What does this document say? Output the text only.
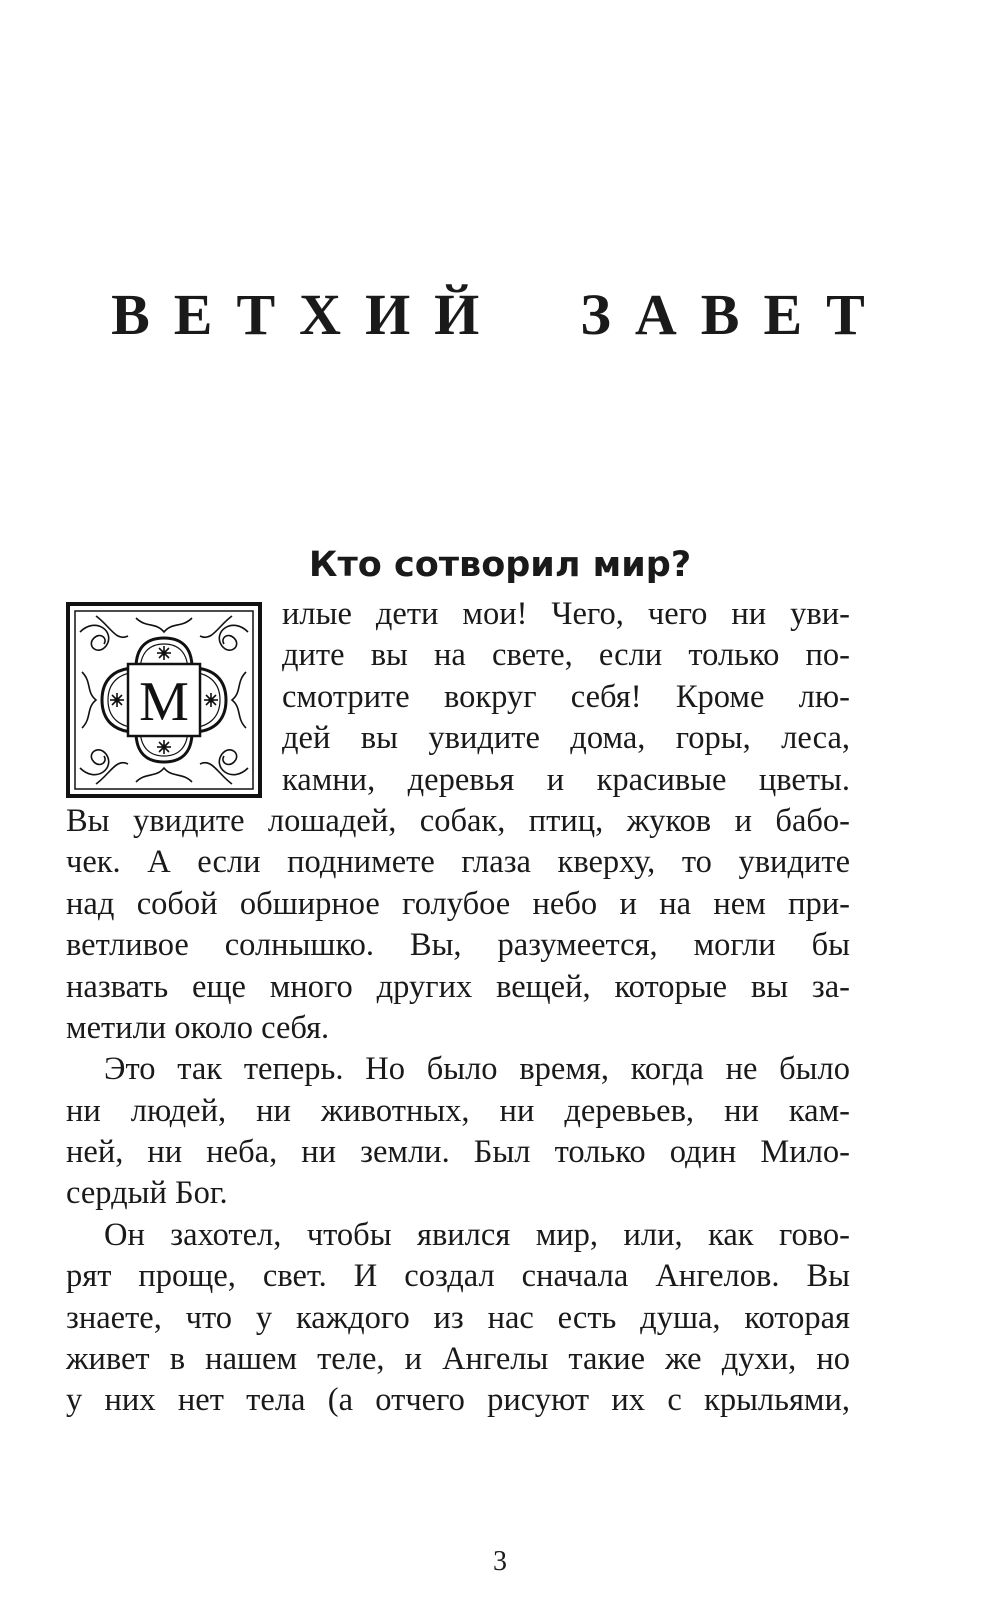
ВЕТХИЙ  ЗАВЕТ
Кто сотворил мир?
М
илые дети мои! Чего, чего ни уви-
дите вы на свете, если только по-
смотрите вокруг себя! Кроме лю-
дей вы увидите дома, горы, леса,
камни, деревья и красивые цветы.
Вы увидите лошадей, собак, птиц, жуков и бабо-
чек. А если поднимете глаза кверху, то увидите
над собой обширное голубое небо и на нем при-
ветливое солнышко. Вы, разумеется, могли бы
назвать еще много других вещей, которые вы за-
метили около себя.
Это так теперь. Но было время, когда не было
ни людей, ни животных, ни деревьев, ни кам-
ней, ни неба, ни земли. Был только один Мило-
сердый Бог.
Он захотел, чтобы явился мир, или, как гово-
рят проще, свет. И создал сначала Ангелов. Вы
знаете, что у каждого из нас есть душа, которая
живет в нашем теле, и Ангелы такие же духи, но
у них нет тела (а отчего рисуют их с крыльями,
3
